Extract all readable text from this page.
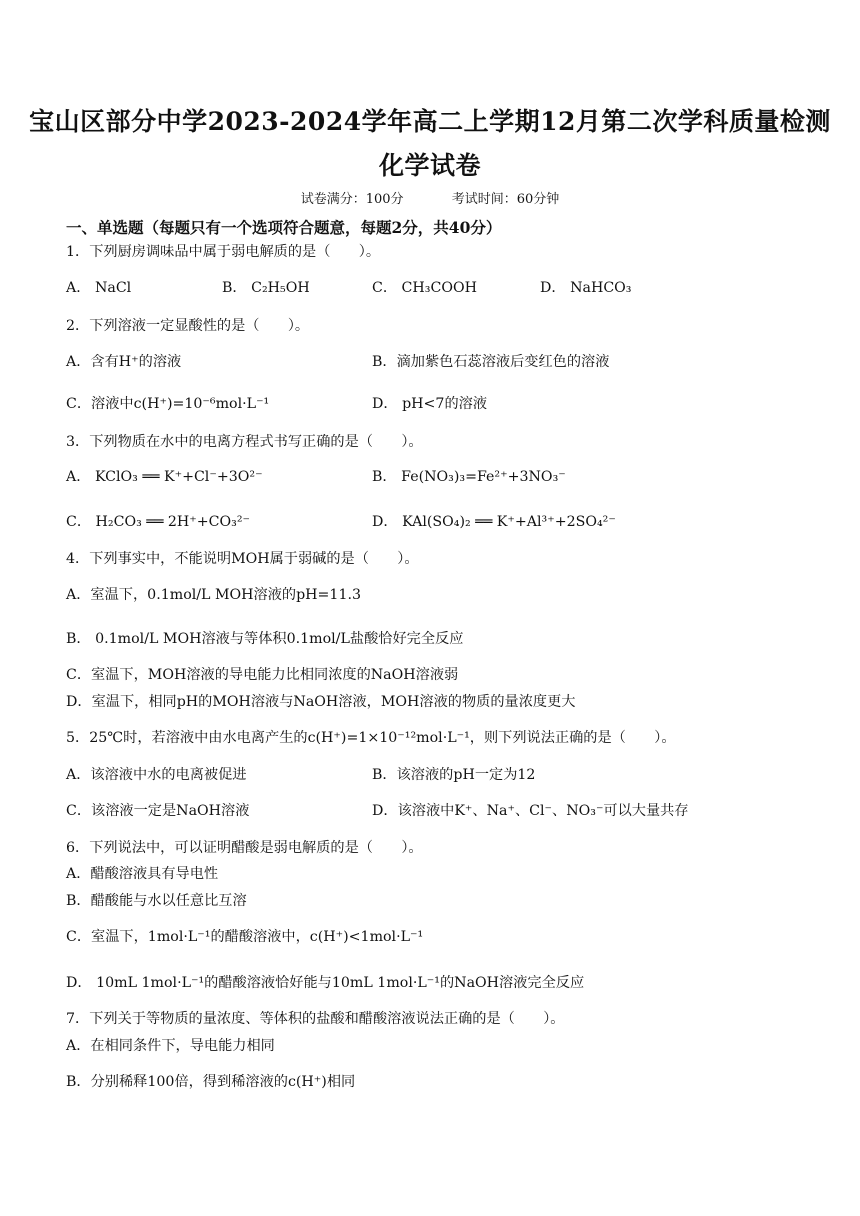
宝山区部分中学2023-2024学年高二上学期12月第二次学科质量检测
化学试卷
试卷满分：100分	考试时间：60分钟
一、单选题（每题只有一个选项符合题意，每题2分，共40分）
1．下列厨房调味品中属于弱电解质的是（　　）。
A． NaCl	B． C₂H₅OH	C． CH₃COOH	D． NaHCO₃
2．下列溶液一定显酸性的是（　　）。
A．含有H⁺的溶液	B．滴加紫色石蕊溶液后变红色的溶液
C．溶液中c(H⁺)=10⁻⁶mol·L⁻¹	D． pH<7的溶液
3．下列物质在水中的电离方程式书写正确的是（　　）。
A． KClO₃ ══ K⁺+Cl⁻+3O²⁻	B． Fe(NO₃)₃=Fe²⁺+3NO₃⁻
C． H₂CO₃ ══ 2H⁺+CO₃²⁻	D． KAl(SO₄)₂ ══ K⁺+Al³⁺+2SO₄²⁻
4．下列事实中，不能说明MOH属于弱碱的是（　　）。
A．室温下，0.1mol/L MOH溶液的pH=11.3
B． 0.1mol/L MOH溶液与等体积0.1mol/L盐酸恰好完全反应
C．室温下，MOH溶液的导电能力比相同浓度的NaOH溶液弱
D．室温下，相同pH的MOH溶液与NaOH溶液，MOH溶液的物质的量浓度更大
5．25℃时，若溶液中由水电离产生的c(H⁺)=1×10⁻¹²mol·L⁻¹，则下列说法正确的是（　　）。
A．该溶液中水的电离被促进	B．该溶液的pH一定为12
C．该溶液一定是NaOH溶液	D．该溶液中K⁺、Na⁺、Cl⁻、NO₃⁻可以大量共存
6．下列说法中，可以证明醋酸是弱电解质的是（　　）。
A．醋酸溶液具有导电性
B．醋酸能与水以任意比互溶
C．室温下，1mol·L⁻¹的醋酸溶液中，c(H⁺)<1mol·L⁻¹
D． 10mL 1mol·L⁻¹的醋酸溶液恰好能与10mL 1mol·L⁻¹的NaOH溶液完全反应
7．下列关于等物质的量浓度、等体积的盐酸和醋酸溶液说法正确的是（　　）。
A．在相同条件下，导电能力相同
B．分别稀释100倍，得到稀溶液的c(H⁺)相同
